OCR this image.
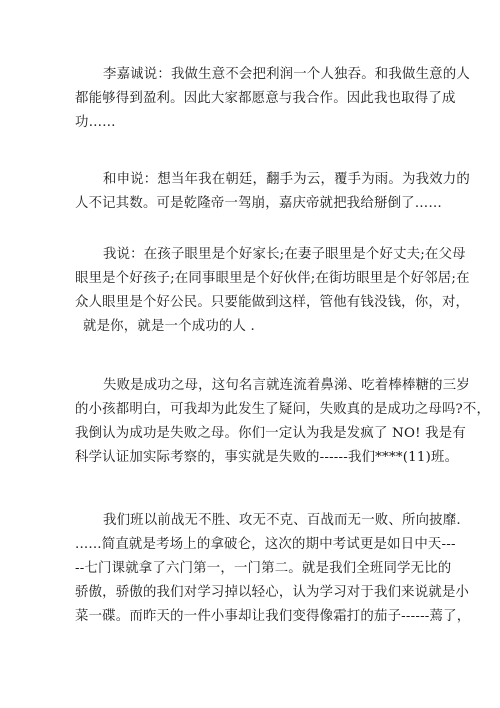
李嘉诚说：我做生意不会把利润一个人独吞。和我做生意的人
都能够得到盈利。因此大家都愿意与我合作。因此我也取得了成
功……
和申说：想当年我在朝廷，翻手为云，覆手为雨。为我效力的
人不记其数。可是乾隆帝一驾崩，嘉庆帝就把我给掰倒了……
我说：在孩子眼里是个好家长;在妻子眼里是个好丈夫;在父母
眼里是个好孩子;在同事眼里是个好伙伴;在街坊眼里是个好邻居;在
众人眼里是个好公民。只要能做到这样，管他有钱没钱，你，对，
就是你，就是一个成功的人 .
失败是成功之母，这句名言就连流着鼻涕、吃着棒棒糖的三岁
的小孩都明白，可我却为此发生了疑问，失败真的是成功之母吗?不，
我倒认为成功是失败之母。你们一定认为我是发疯了 NO! 我是有
科学认证加实际考察的，事实就是失败的------我们****(11)班。
我们班以前战无不胜、攻无不克、百战而无一败、所向披靡.
......简直就是考场上的拿破仑，这次的期中考试更是如日中天---
--七门课就拿了六门第一，一门第二。就是我们全班同学无比的
骄傲，骄傲的我们对学习掉以轻心，认为学习对于我们来说就是小
菜一碟。而昨天的一件小事却让我们变得像霜打的茄子------蔫了，
